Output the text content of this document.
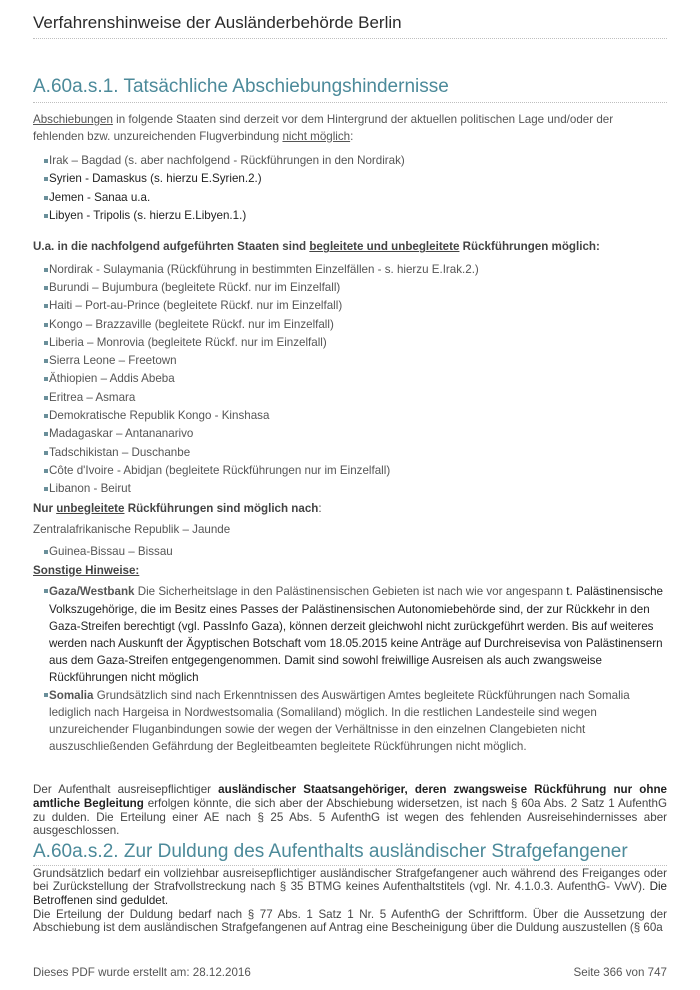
Verfahrenshinweise der Ausländerbehörde Berlin
A.60a.s.1. Tatsächliche Abschiebungshindernisse

Abschiebungen in folgende Staaten sind derzeit vor dem Hintergrund der aktuellen politischen Lage und/oder der fehlenden bzw. unzureichenden Flugverbindung nicht möglich:

Irak – Bagdad (s. aber nachfolgend - Rückführungen in den Nordirak)
Syrien - Damaskus (s. hierzu E.Syrien.2.)
Jemen - Sanaa u.a.
Libyen - Tripolis (s. hierzu E.Libyen.1.)

U.a. in die nachfolgend aufgeführten Staaten sind begleitete und unbegleitete Rückführungen möglich:

Nordirak - Sulaymania (Rückführung in bestimmten Einzelfällen - s. hierzu E.Irak.2.)
Burundi – Bujumbura (begleitete Rückf. nur im Einzelfall)
Haiti – Port-au-Prince (begleitete Rückf. nur im Einzelfall)
Kongo – Brazzaville (begleitete Rückf. nur im Einzelfall)
Liberia – Monrovia (begleitete Rückf. nur im Einzelfall)
Sierra Leone – Freetown
Äthiopien – Addis Abeba
Eritrea – Asmara
Demokratische Republik Kongo - Kinshasa
Madagaskar – Antananarivo
Tadschikistan – Duschanbe
Côte d'Ivoire - Abidjan (begleitete Rückführungen nur im Einzelfall)
Libanon - Beirut

Nur unbegleitete Rückführungen sind möglich nach:

Zentralafrikanische Republik – Jaunde

Guinea-Bissau – Bissau

Sonstige Hinweise:

Gaza/Westbank Die Sicherheitslage in den Palästinensischen Gebieten ist nach wie vor angespann t. Palästinensische Volkszugehörige, die im Besitz eines Passes der Palästinensischen Autonomiebehörde sind, der zur Rückkehr in den Gaza-Streifen berechtigt (vgl. PassInfo Gaza), können derzeit gleichwohl nicht zurückgeführt werden. Bis auf weiteres werden nach Auskunft der Ägyptischen Botschaft vom 18.05.2015 keine Anträge auf Durchreisevisa von Palästinensern aus dem Gaza-Streifen entgegengenommen. Damit sind sowohl freiwillige Ausreisen als auch zwangsweise Rückführungen nicht möglich
Somalia Grundsätzlich sind nach Erkenntnissen des Auswärtigen Amtes begleitete Rückführungen nach Somalia lediglich nach Hargeisa in Nordwestsomalia (Somaliland) möglich. In die restlichen Landesteile sind wegen unzureichender Fluganbindungen sowie der wegen der Verhältnisse in den einzelnen Clangebieten nicht auszuschließenden Gefährdung der Begleitbeamten begleitete Rückführungen nicht möglich.

Der Aufenthalt ausreisepflichtiger ausländischer Staatsangehöriger, deren zwangsweise Rückführung nur ohne amtliche Begleitung erfolgen könnte, die sich aber der Abschiebung widersetzen, ist nach § 60a Abs. 2 Satz 1 AufenthG zu dulden. Die Erteilung einer AE nach § 25 Abs. 5 AufenthG ist wegen des fehlenden Ausreisehindernisses aber ausgeschlossen.

A.60a.s.2. Zur Duldung des Aufenthalts ausländischer Strafgefangener

Grundsätzlich bedarf ein vollziehbar ausreisepflichtiger ausländischer Strafgefangener auch während des Freiganges oder bei Zurückstellung der Strafvollstreckung nach § 35 BTMG keines Aufenthaltstitels (vgl. Nr. 4.1.0.3. AufenthG- VwV). Die Betroffenen sind geduldet.

Die Erteilung der Duldung bedarf nach § 77 Abs. 1 Satz 1 Nr. 5 AufenthG der Schriftform. Über die Aussetzung der Abschiebung ist dem ausländischen Strafgefangenen auf Antrag eine Bescheinigung über die Duldung auszustellen (§ 60a

Dieses PDF wurde erstellt am: 28.12.2016	Seite 366 von 747
